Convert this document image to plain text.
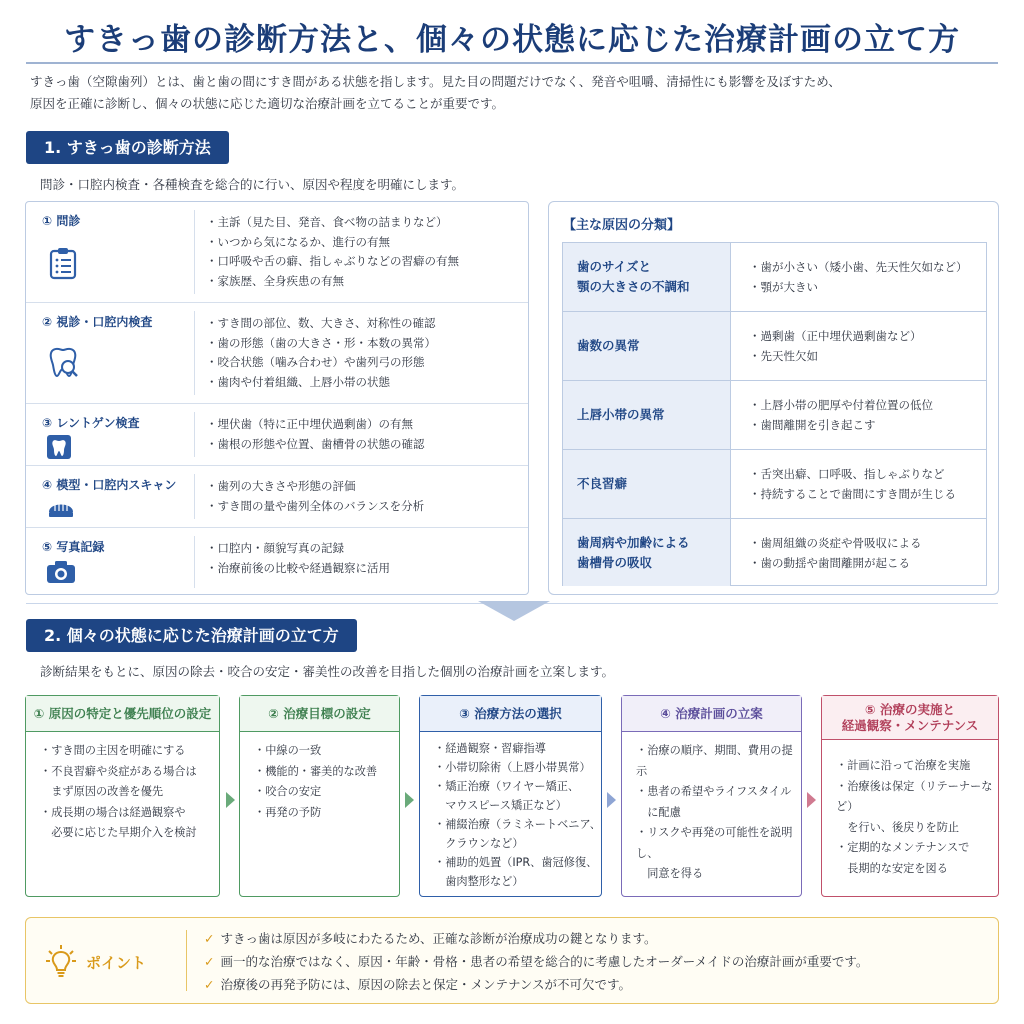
すきっ歯の診断方法と、個々の状態に応じた治療計画の立て方
すきっ歯（空隙歯列）とは、歯と歯の間にすき間がある状態を指します。見た目の問題だけでなく、発音や咀嚼、清掃性にも影響を及ぼすため、
原因を正確に診断し、個々の状態に応じた適切な治療計画を立てることが重要です。
1. すきっ歯の診断方法
問診・口腔内検査・各種検査を総合的に行い、原因や程度を明確にします。
① 問診	・主訴（見た目、発音、食べ物の詰まりなど）
・いつから気になるか、進行の有無
・口呼吸や舌の癖、指しゃぶりなどの習癖の有無
・家族歴、全身疾患の有無
② 視診・口腔内検査	・すき間の部位、数、大きさ、対称性の確認
・歯の形態（歯の大きさ・形・本数の異常）
・咬合状態（噛み合わせ）や歯列弓の形態
・歯肉や付着組織、上唇小帯の状態
③ レントゲン検査	・埋伏歯（特に正中埋伏過剰歯）の有無
・歯根の形態や位置、歯槽骨の状態の確認
④ 模型・口腔内スキャン	・歯列の大きさや形態の評価
・すき間の量や歯列全体のバランスを分析
⑤ 写真記録	・口腔内・顔貌写真の記録
・治療前後の比較や経過観察に活用
【主な原因の分類】
歯のサイズと
顎の大きさの不調和
・歯が小さい（矮小歯、先天性欠如など）
・顎が大きい
歯数の異常
・過剰歯（正中埋伏過剰歯など）
・先天性欠如
上唇小帯の異常
・上唇小帯の肥厚や付着位置の低位
・歯間離開を引き起こす
不良習癖
・舌突出癖、口呼吸、指しゃぶりなど
・持続することで歯間にすき間が生じる
歯周病や加齢による
歯槽骨の吸収
・歯周組織の炎症や骨吸収による
・歯の動揺や歯間離開が起こる
2. 個々の状態に応じた治療計画の立て方
診断結果をもとに、原因の除去・咬合の安定・審美性の改善を目指した個別の治療計画を立案します。
① 原因の特定と優先順位の設定
・すき間の主因を明確にする
・不良習癖や炎症がある場合は
　まず原因の改善を優先
・成長期の場合は経過観察や
　必要に応じた早期介入を検討
② 治療目標の設定
・中線の一致
・機能的・審美的な改善
・咬合の安定
・再発の予防
③ 治療方法の選択
・経過観察・習癖指導
・小帯切除術（上唇小帯異常）
・矯正治療（ワイヤー矯正、
　マウスピース矯正など）
・補綴治療（ラミネートベニア、
　クラウンなど）
・補助的処置（IPR、歯冠修復、
　歯肉整形など）
④ 治療計画の立案
・治療の順序、期間、費用の提示
・患者の希望やライフスタイル
　に配慮
・リスクや再発の可能性を説明し、
　同意を得る
⑤ 治療の実施と
経過観察・メンテナンス
・計画に沿って治療を実施
・治療後は保定（リテーナーなど）
　を行い、後戻りを防止
・定期的なメンテナンスで
　長期的な安定を図る
ポイント
✓ すきっ歯は原因が多岐にわたるため、正確な診断が治療成功の鍵となります。
✓ 画一的な治療ではなく、原因・年齢・骨格・患者の希望を総合的に考慮したオーダーメイドの治療計画が重要です。
✓ 治療後の再発予防には、原因の除去と保定・メンテナンスが不可欠です。
